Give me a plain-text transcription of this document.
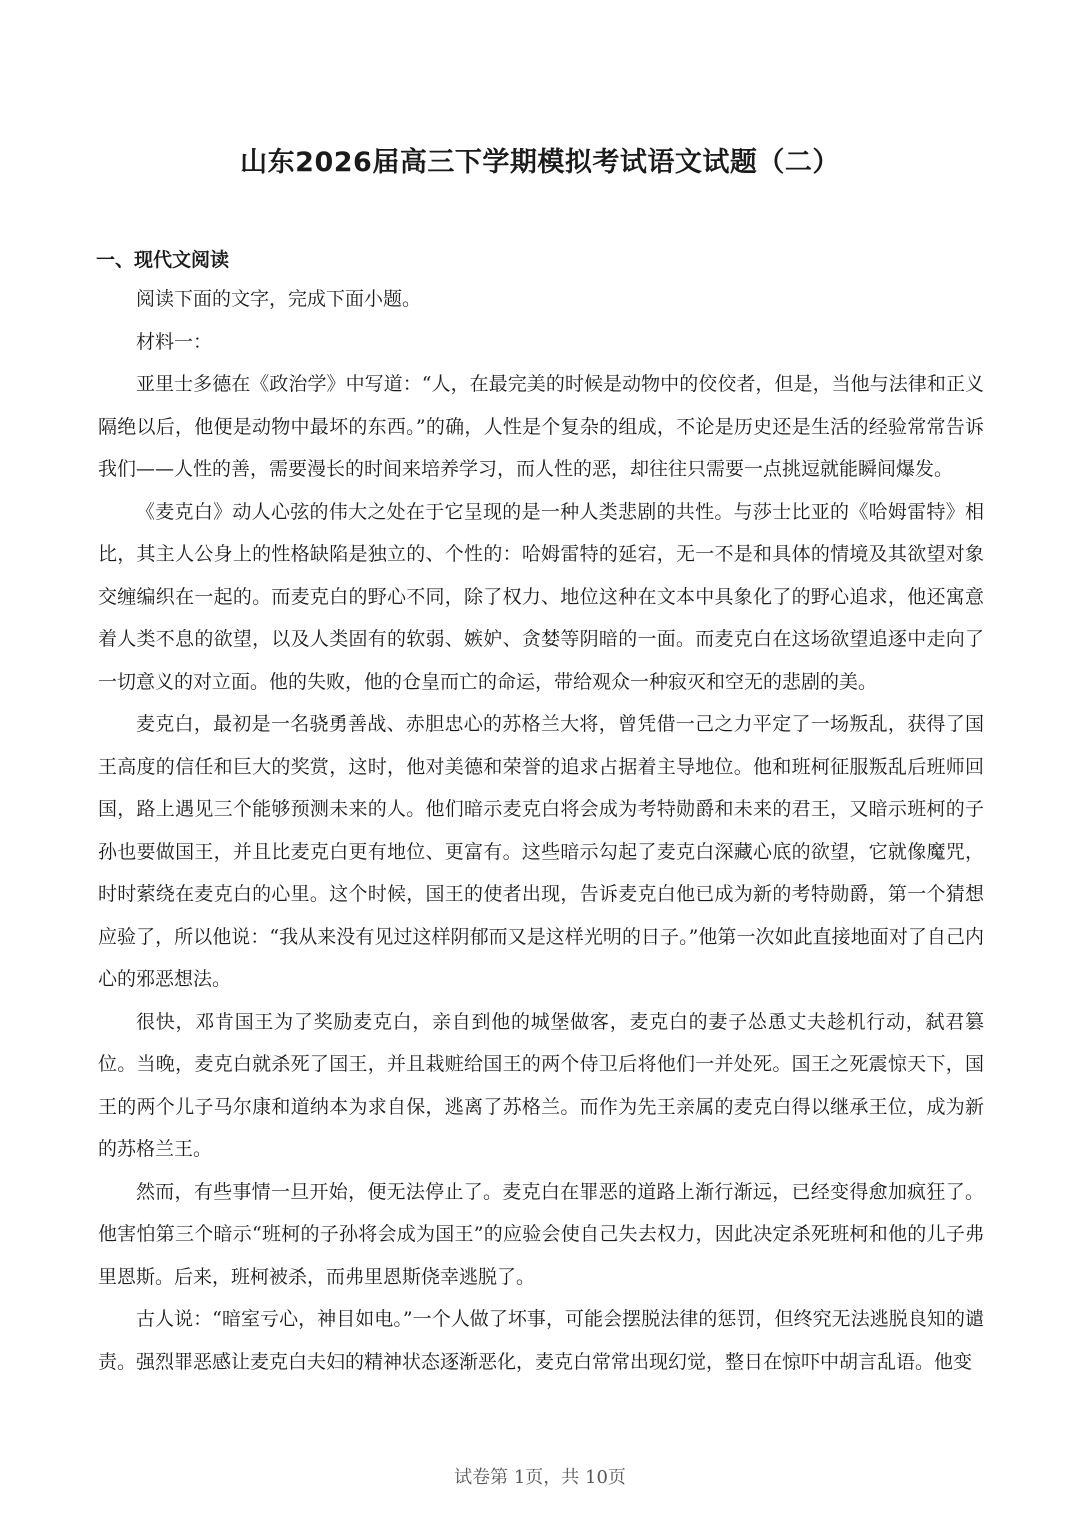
山东2026届高三下学期模拟考试语文试题（二）
一、现代文阅读

阅读下面的文字，完成下面小题。

材料一：

亚里士多德在《政治学》中写道：“人，在最完美的时候是动物中的佼佼者，但是，当他与法律和正义隔绝以后，他便是动物中最坏的东西。”的确，人性是个复杂的组成，不论是历史还是生活的经验常常告诉我们——人性的善，需要漫长的时间来培养学习，而人性的恶，却往往只需要一点挑逗就能瞬间爆发。

《麦克白》动人心弦的伟大之处在于它呈现的是一种人类悲剧的共性。与莎士比亚的《哈姆雷特》相比，其主人公身上的性格缺陷是独立的、个性的：哈姆雷特的延宕，无一不是和具体的情境及其欲望对象交缠编织在一起的。而麦克白的野心不同，除了权力、地位这种在文本中具象化了的野心追求，他还寓意着人类不息的欲望，以及人类固有的软弱、嫉妒、贪婪等阴暗的一面。而麦克白在这场欲望追逐中走向了一切意义的对立面。他的失败，他的仓皇而亡的命运，带给观众一种寂灭和空无的悲剧的美。

麦克白，最初是一名骁勇善战、赤胆忠心的苏格兰大将，曾凭借一己之力平定了一场叛乱，获得了国王高度的信任和巨大的奖赏，这时，他对美德和荣誉的追求占据着主导地位。他和班柯征服叛乱后班师回国，路上遇见三个能够预测未来的人。他们暗示麦克白将会成为考特勋爵和未来的君王，又暗示班柯的子孙也要做国王，并且比麦克白更有地位、更富有。这些暗示勾起了麦克白深藏心底的欲望，它就像魔咒，时时萦绕在麦克白的心里。这个时候，国王的使者出现，告诉麦克白他已成为新的考特勋爵，第一个猜想应验了，所以他说：“我从来没有见过这样阴郁而又是这样光明的日子。”他第一次如此直接地面对了自己内心的邪恶想法。

很快，邓肯国王为了奖励麦克白，亲自到他的城堡做客，麦克白的妻子怂恿丈夫趁机行动，弑君篡位。当晚，麦克白就杀死了国王，并且栽赃给国王的两个侍卫后将他们一并处死。国王之死震惊天下，国王的两个儿子马尔康和道纳本为求自保，逃离了苏格兰。而作为先王亲属的麦克白得以继承王位，成为新的苏格兰王。

然而，有些事情一旦开始，便无法停止了。麦克白在罪恶的道路上渐行渐远，已经变得愈加疯狂了。他害怕第三个暗示“班柯的子孙将会成为国王”的应验会使自己失去权力，因此决定杀死班柯和他的儿子弗里恩斯。后来，班柯被杀，而弗里恩斯侥幸逃脱了。

古人说：“暗室亏心，神目如电。”一个人做了坏事，可能会摆脱法律的惩罚，但终究无法逃脱良知的谴责。强烈罪恶感让麦克白夫妇的精神状态逐渐恶化，麦克白常常出现幻觉，整日在惊吓中胡言乱语。他变

试卷第 1页，共 10页
